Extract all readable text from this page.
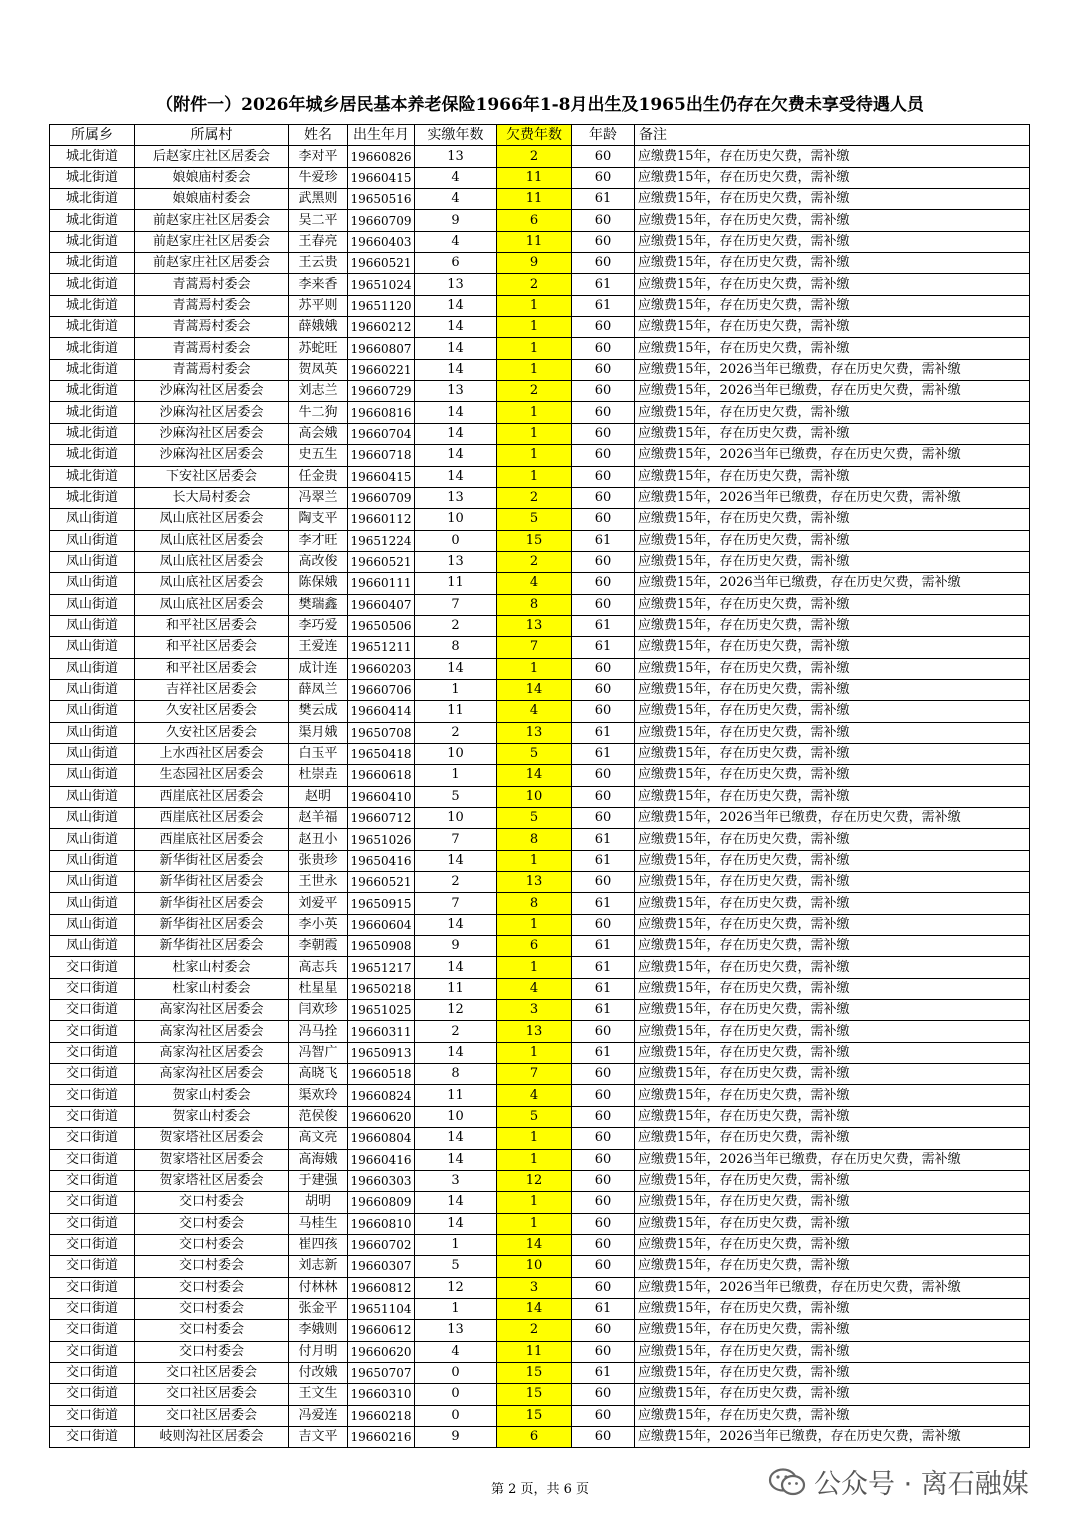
（附件一）2026年城乡居民基本养老保险1966年1-8月出生及1965出生仍存在欠费未享受待遇人员
所属乡	所属村	姓名	出生年月	实缴年数	欠费年数	年龄	备注
城北街道	后赵家庄社区居委会	李对平	19660826	13	2	60	应缴费15年，存在历史欠费，需补缴
城北街道	娘娘庙村委会	牛爱珍	19660415	4	11	60	应缴费15年，存在历史欠费，需补缴
城北街道	娘娘庙村委会	武黑则	19650516	4	11	61	应缴费15年，存在历史欠费，需补缴
城北街道	前赵家庄社区居委会	吴二平	19660709	9	6	60	应缴费15年，存在历史欠费，需补缴
城北街道	前赵家庄社区居委会	王春亮	19660403	4	11	60	应缴费15年，存在历史欠费，需补缴
城北街道	前赵家庄社区居委会	王云贵	19660521	6	9	60	应缴费15年，存在历史欠费，需补缴
城北街道	青蒿焉村委会	李来香	19651024	13	2	61	应缴费15年，存在历史欠费，需补缴
城北街道	青蒿焉村委会	苏平则	19651120	14	1	61	应缴费15年，存在历史欠费，需补缴
城北街道	青蒿焉村委会	薛娥娥	19660212	14	1	60	应缴费15年，存在历史欠费，需补缴
城北街道	青蒿焉村委会	苏蛇旺	19660807	14	1	60	应缴费15年，存在历史欠费，需补缴
城北街道	青蒿焉村委会	贺凤英	19660221	14	1	60	应缴费15年，2026当年已缴费，存在历史欠费，需补缴
城北街道	沙麻沟社区居委会	刘志兰	19660729	13	2	60	应缴费15年，2026当年已缴费，存在历史欠费，需补缴
城北街道	沙麻沟社区居委会	牛二狗	19660816	14	1	60	应缴费15年，存在历史欠费，需补缴
城北街道	沙麻沟社区居委会	高会娥	19660704	14	1	60	应缴费15年，存在历史欠费，需补缴
城北街道	沙麻沟社区居委会	史五生	19660718	14	1	60	应缴费15年，2026当年已缴费，存在历史欠费，需补缴
城北街道	下安社区居委会	任金贵	19660415	14	1	60	应缴费15年，存在历史欠费，需补缴
城北街道	长大局村委会	冯翠兰	19660709	13	2	60	应缴费15年，2026当年已缴费，存在历史欠费，需补缴
凤山街道	凤山底社区居委会	陶支平	19660112	10	5	60	应缴费15年，存在历史欠费，需补缴
凤山街道	凤山底社区居委会	李才旺	19651224	0	15	61	应缴费15年，存在历史欠费，需补缴
凤山街道	凤山底社区居委会	高改俊	19660521	13	2	60	应缴费15年，存在历史欠费，需补缴
凤山街道	凤山底社区居委会	陈保娥	19660111	11	4	60	应缴费15年，2026当年已缴费，存在历史欠费，需补缴
凤山街道	凤山底社区居委会	樊瑞鑫	19660407	7	8	60	应缴费15年，存在历史欠费，需补缴
凤山街道	和平社区居委会	李巧爱	19650506	2	13	61	应缴费15年，存在历史欠费，需补缴
凤山街道	和平社区居委会	王爱连	19651211	8	7	61	应缴费15年，存在历史欠费，需补缴
凤山街道	和平社区居委会	成计连	19660203	14	1	60	应缴费15年，存在历史欠费，需补缴
凤山街道	吉祥社区居委会	薛凤兰	19660706	1	14	60	应缴费15年，存在历史欠费，需补缴
凤山街道	久安社区居委会	樊云成	19660414	11	4	60	应缴费15年，存在历史欠费，需补缴
凤山街道	久安社区居委会	渠月娥	19650708	2	13	61	应缴费15年，存在历史欠费，需补缴
凤山街道	上水西社区居委会	白玉平	19650418	10	5	61	应缴费15年，存在历史欠费，需补缴
凤山街道	生态园社区居委会	杜崇垚	19660618	1	14	60	应缴费15年，存在历史欠费，需补缴
凤山街道	西崖底社区居委会	赵明	19660410	5	10	60	应缴费15年，存在历史欠费，需补缴
凤山街道	西崖底社区居委会	赵羊福	19660712	10	5	60	应缴费15年，2026当年已缴费，存在历史欠费，需补缴
凤山街道	西崖底社区居委会	赵丑小	19651026	7	8	61	应缴费15年，存在历史欠费，需补缴
凤山街道	新华街社区居委会	张贵珍	19650416	14	1	61	应缴费15年，存在历史欠费，需补缴
凤山街道	新华街社区居委会	王世永	19660521	2	13	60	应缴费15年，存在历史欠费，需补缴
凤山街道	新华街社区居委会	刘爱平	19650915	7	8	61	应缴费15年，存在历史欠费，需补缴
凤山街道	新华街社区居委会	李小英	19660604	14	1	60	应缴费15年，存在历史欠费，需补缴
凤山街道	新华街社区居委会	李朝霞	19650908	9	6	61	应缴费15年，存在历史欠费，需补缴
交口街道	杜家山村委会	高志兵	19651217	14	1	61	应缴费15年，存在历史欠费，需补缴
交口街道	杜家山村委会	杜星星	19650218	11	4	61	应缴费15年，存在历史欠费，需补缴
交口街道	高家沟社区居委会	闫欢珍	19651025	12	3	61	应缴费15年，存在历史欠费，需补缴
交口街道	高家沟社区居委会	冯马拴	19660311	2	13	60	应缴费15年，存在历史欠费，需补缴
交口街道	高家沟社区居委会	冯智广	19650913	14	1	61	应缴费15年，存在历史欠费，需补缴
交口街道	高家沟社区居委会	高晓飞	19660518	8	7	60	应缴费15年，存在历史欠费，需补缴
交口街道	贺家山村委会	渠欢玲	19660824	11	4	60	应缴费15年，存在历史欠费，需补缴
交口街道	贺家山村委会	范侯俊	19660620	10	5	60	应缴费15年，存在历史欠费，需补缴
交口街道	贺家塔社区居委会	高文亮	19660804	14	1	60	应缴费15年，存在历史欠费，需补缴
交口街道	贺家塔社区居委会	高海娥	19660416	14	1	60	应缴费15年，2026当年已缴费，存在历史欠费，需补缴
交口街道	贺家塔社区居委会	于建强	19660303	3	12	60	应缴费15年，存在历史欠费，需补缴
交口街道	交口村委会	胡明	19660809	14	1	60	应缴费15年，存在历史欠费，需补缴
交口街道	交口村委会	马桂生	19660810	14	1	60	应缴费15年，存在历史欠费，需补缴
交口街道	交口村委会	崔四孩	19660702	1	14	60	应缴费15年，存在历史欠费，需补缴
交口街道	交口村委会	刘志新	19660307	5	10	60	应缴费15年，存在历史欠费，需补缴
交口街道	交口村委会	付林林	19660812	12	3	60	应缴费15年，2026当年已缴费，存在历史欠费，需补缴
交口街道	交口村委会	张金平	19651104	1	14	61	应缴费15年，存在历史欠费，需补缴
交口街道	交口村委会	李娥则	19660612	13	2	60	应缴费15年，存在历史欠费，需补缴
交口街道	交口村委会	付月明	19660620	4	11	60	应缴费15年，存在历史欠费，需补缴
交口街道	交口社区居委会	付改娥	19650707	0	15	61	应缴费15年，存在历史欠费，需补缴
交口街道	交口社区居委会	王文生	19660310	0	15	60	应缴费15年，存在历史欠费，需补缴
交口街道	交口社区居委会	冯爱连	19660218	0	15	60	应缴费15年，存在历史欠费，需补缴
交口街道	岐则沟社区居委会	吉文平	19660216	9	6	60	应缴费15年，2026当年已缴费，存在历史欠费，需补缴
第 2 页，共 6 页	公众号 · 离石融媒
